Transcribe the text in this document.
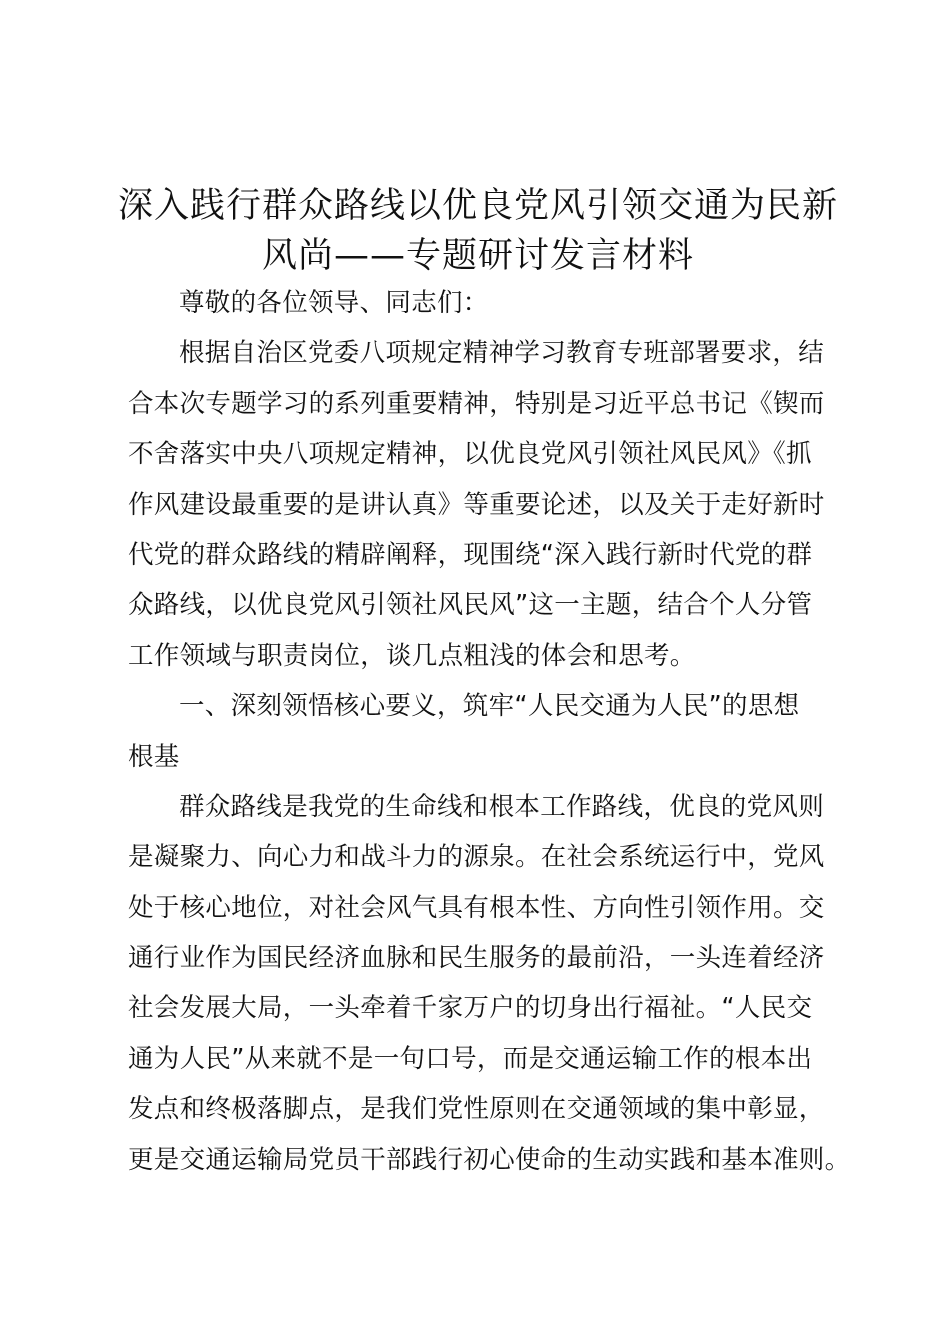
深入践行群众路线以优良党风引领交通为民新
风尚——专题研讨发言材料
尊敬的各位领导、同志们：
根据自治区党委八项规定精神学习教育专班部署要求，结
合本次专题学习的系列重要精神，特别是习近平总书记《锲而
不舍落实中央八项规定精神，以优良党风引领社风民风》《抓
作风建设最重要的是讲认真》等重要论述，以及关于走好新时
代党的群众路线的精辟阐释，现围绕“深入践行新时代党的群
众路线，以优良党风引领社风民风”这一主题，结合个人分管
工作领域与职责岗位，谈几点粗浅的体会和思考。
一、深刻领悟核心要义，筑牢“人民交通为人民”的思想
根基
群众路线是我党的生命线和根本工作路线，优良的党风则
是凝聚力、向心力和战斗力的源泉。在社会系统运行中，党风
处于核心地位，对社会风气具有根本性、方向性引领作用。交
通行业作为国民经济血脉和民生服务的最前沿，一头连着经济
社会发展大局，一头牵着千家万户的切身出行福祉。“人民交
通为人民”从来就不是一句口号，而是交通运输工作的根本出
发点和终极落脚点，是我们党性原则在交通领域的集中彰显，
更是交通运输局党员干部践行初心使命的生动实践和基本准则。
